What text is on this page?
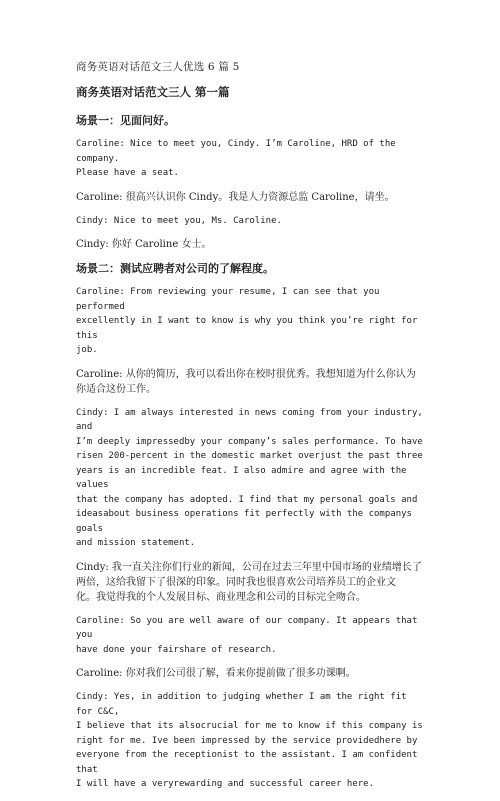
商务英语对话范文三人优选 6 篇 5
商务英语对话范文三人 第一篇
场景一：见面问好。
Caroline: Nice to meet you, Cindy. I’m Caroline, HRD of the company.
Please have a seat.
Caroline: 很高兴认识你 Cindy。我是人力资源总监 Caroline，请坐。
Cindy: Nice to meet you, Ms. Caroline.
Cindy: 你好 Caroline 女士。
场景二：测试应聘者对公司的了解程度。
Caroline: From reviewing your resume, I can see that you performed
excellently in I want to know is why you think you’re right for this
job.
Caroline: 从你的简历，我可以看出你在校时很优秀。我想知道为什么你认为
你适合这份工作。
Cindy: I am always interested in news coming from your industry, and
I’m deeply impressedby your company’s sales performance. To have
risen 200-percent in the domestic market overjust the past three
years is an incredible feat. I also admire and agree with the values
that the company has adopted. I find that my personal goals and
ideasabout business operations fit perfectly with the companys goals
and mission statement.
Cindy: 我一直关注你们行业的新闻，公司在过去三年里中国市场的业绩增长了
两倍，这给我留下了很深的印象。同时我也很喜欢公司培养员工的企业文
化。我觉得我的个人发展目标、商业理念和公司的目标完全吻合。
Caroline: So you are well aware of our company. It appears that you
have done your fairshare of research.
Caroline: 你对我们公司很了解，看来你提前做了很多功课啊。
Cindy: Yes, in addition to judging whether I am the right fit for C&C,
I believe that its alsocrucial for me to know if this company is
right for me. Ive been impressed by the service providedhere by
everyone from the receptionist to the assistant. I am confident that
I will have a veryrewarding and successful career here.
